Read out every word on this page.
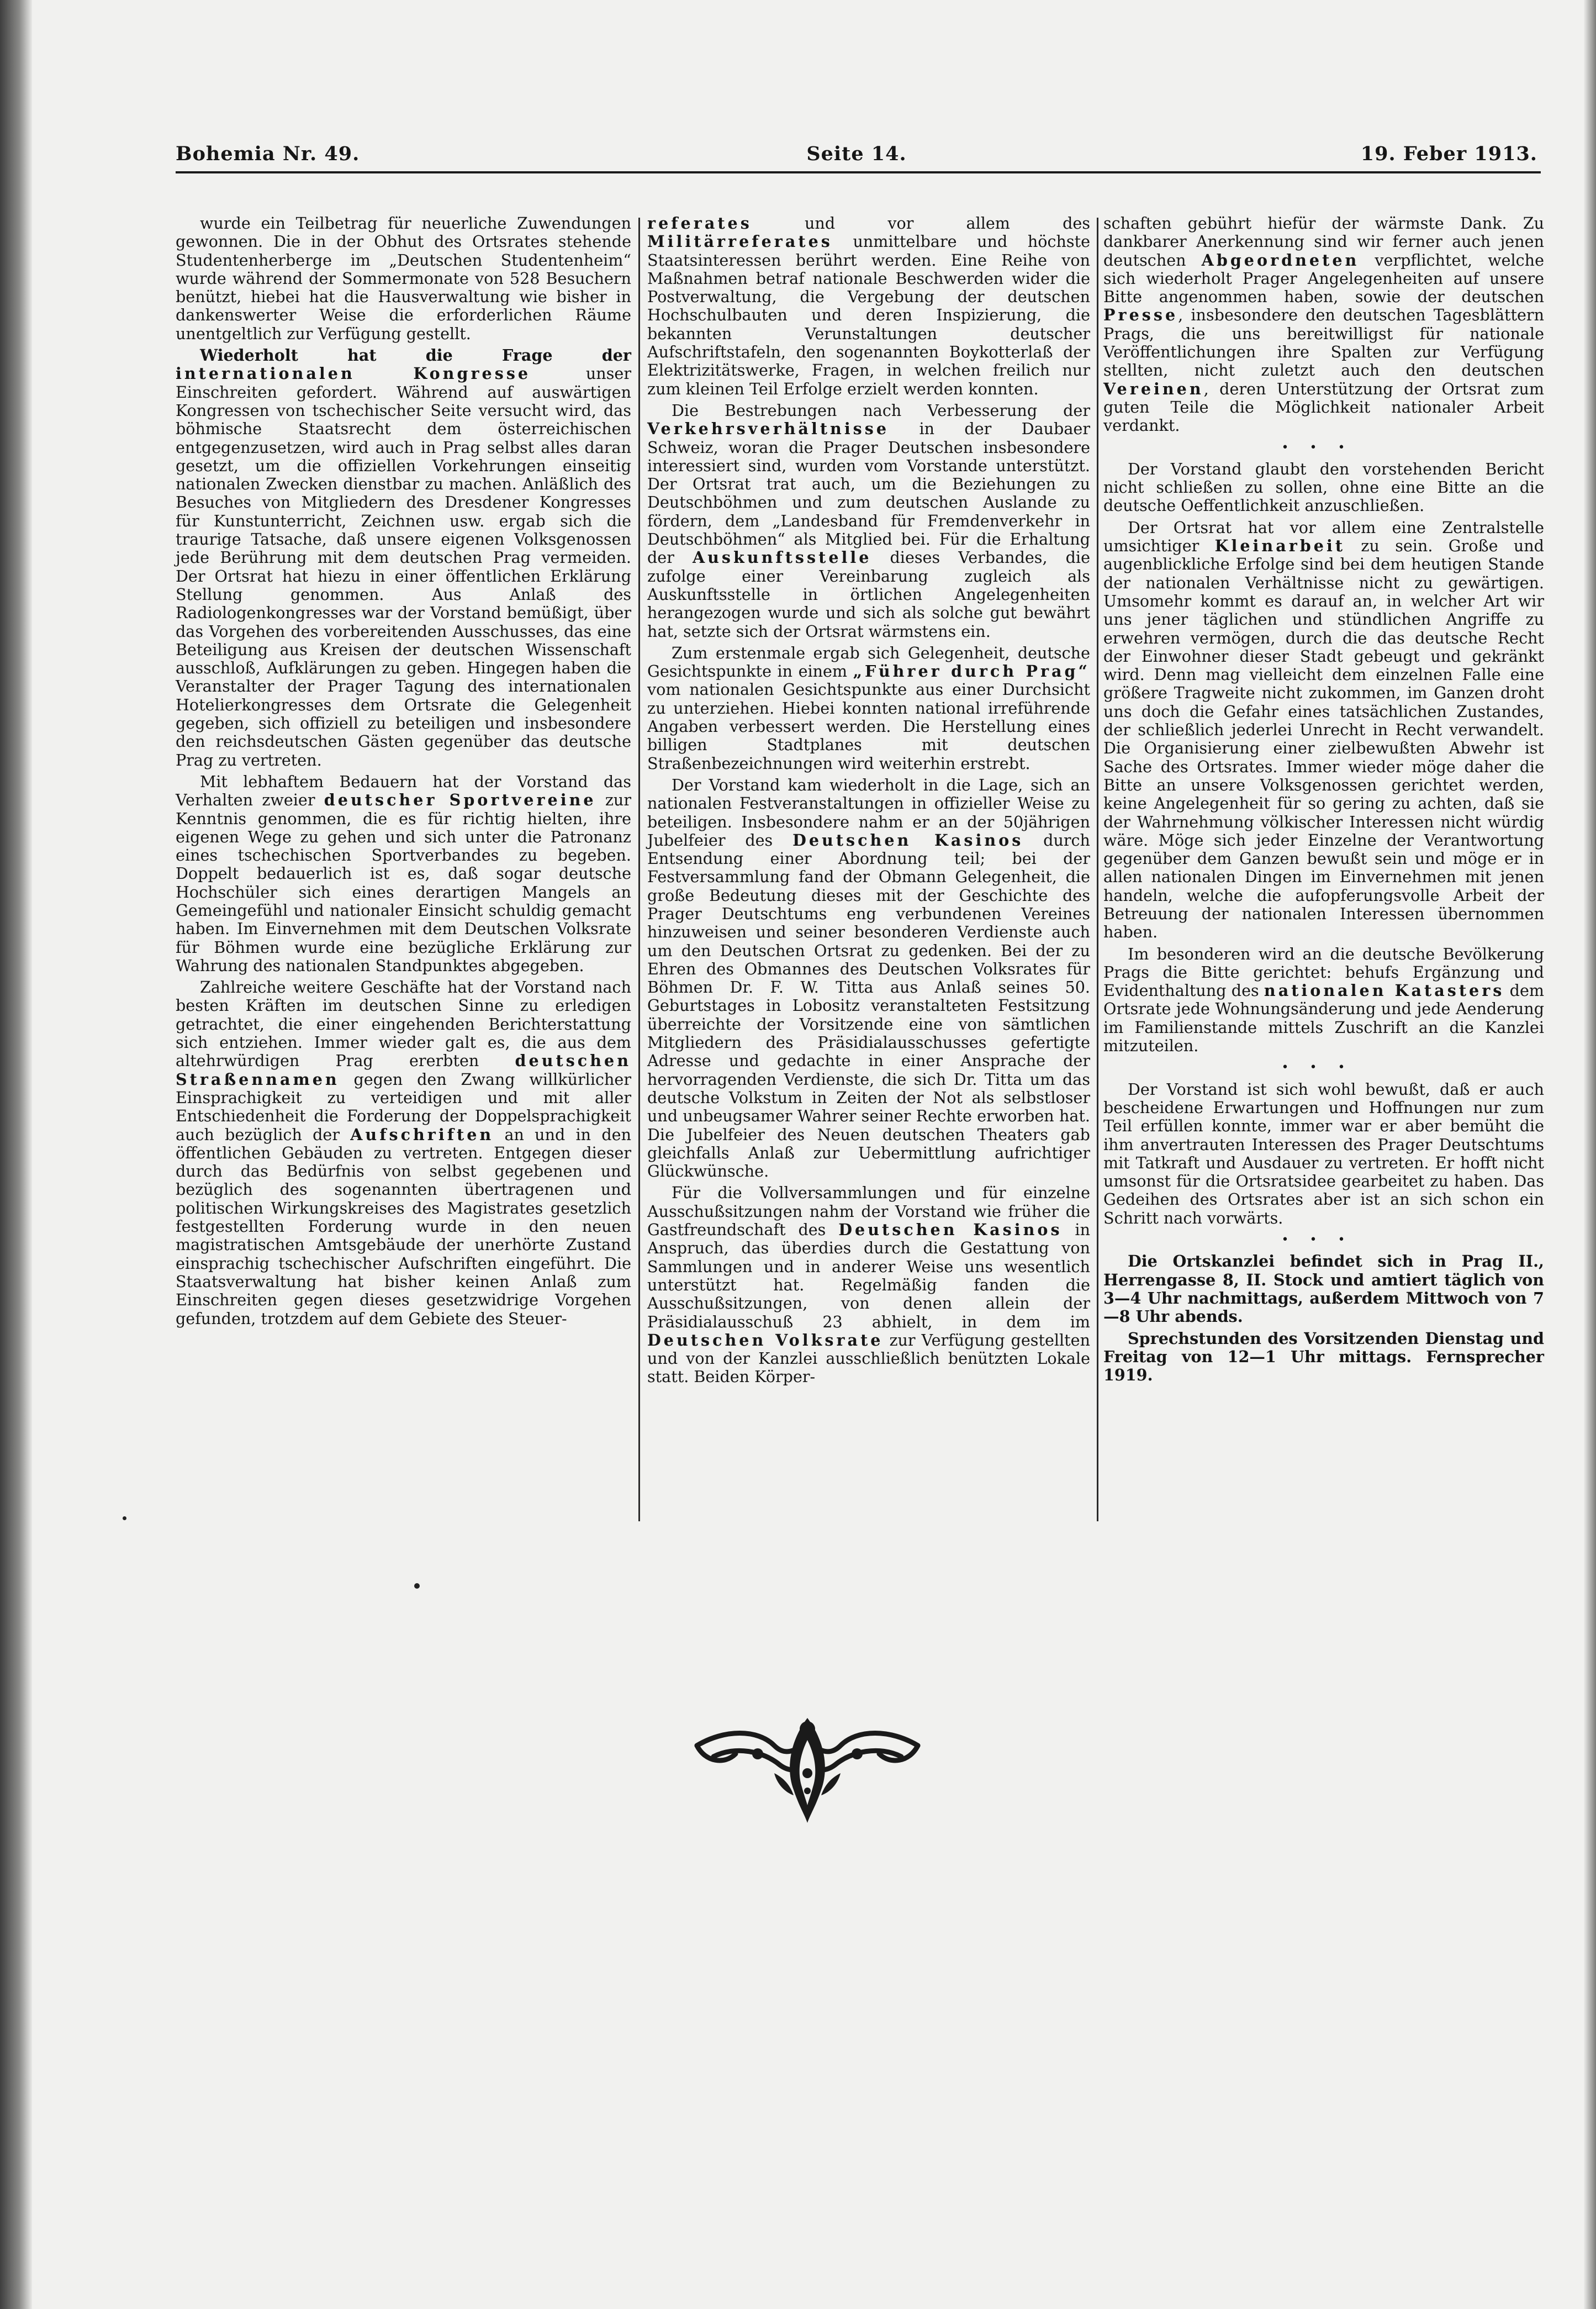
Bohemia Nr. 49.	Seite 14.	19. Feber 1913.

wurde ein Teilbetrag für neuerliche Zuwendungen gewonnen. Die in der Obhut des Ortsrates stehende Studentenherberge im „Deutschen Studentenheim“ wurde während der Sommermonate von 528 Besuchern benützt, hiebei hat die Hausverwaltung wie bisher in dankenswerter Weise die erforderlichen Räume unentgeltlich zur Verfügung gestellt.

Wiederholt hat die Frage der internationalen Kongresse unser Einschreiten gefordert. Während auf auswärtigen Kongressen von tschechischer Seite versucht wird, das böhmische Staatsrecht dem österreichischen entgegenzusetzen, wird auch in Prag selbst alles daran gesetzt, um die offiziellen Vorkehrungen einseitig nationalen Zwecken dienstbar zu machen. Anläßlich des Besuches von Mitgliedern des Dresdener Kongresses für Kunstunterricht, Zeichnen usw. ergab sich die traurige Tatsache, daß unsere eigenen Volksgenossen jede Berührung mit dem deutschen Prag vermeiden. Der Ortsrat hat hiezu in einer öffentlichen Erklärung Stellung genommen. Aus Anlaß des Radiologenkongresses war der Vorstand bemüßigt, über das Vorgehen des vorbereitenden Ausschusses, das eine Beteiligung aus Kreisen der deutschen Wissenschaft ausschloß, Aufklärungen zu geben. Hingegen haben die Veranstalter der Prager Tagung des internationalen Hotelierkongresses dem Ortsrate die Gelegenheit gegeben, sich offiziell zu beteiligen und insbesondere den reichsdeutschen Gästen gegenüber das deutsche Prag zu vertreten.

Mit lebhaftem Bedauern hat der Vorstand das Verhalten zweier deutscher Sportvereine zur Kenntnis genommen, die es für richtig hielten, ihre eigenen Wege zu gehen und sich unter die Patronanz eines tschechischen Sportverbandes zu begeben. Doppelt bedauerlich ist es, daß sogar deutsche Hochschüler sich eines derartigen Mangels an Gemeingefühl und nationaler Einsicht schuldig gemacht haben. Im Einvernehmen mit dem Deutschen Volksrate für Böhmen wurde eine bezügliche Erklärung zur Wahrung des nationalen Standpunktes abgegeben.

Zahlreiche weitere Geschäfte hat der Vorstand nach besten Kräften im deutschen Sinne zu erledigen getrachtet, die einer eingehenden Berichterstattung sich entziehen. Immer wieder galt es, die aus dem altehrwürdigen Prag ererbten deutschen Straßennamen gegen den Zwang willkürlicher Einsprachigkeit zu verteidigen und mit aller Entschiedenheit die Forderung der Doppelsprachigkeit auch bezüglich der Aufschriften an und in den öffentlichen Gebäuden zu vertreten. Entgegen dieser durch das Bedürfnis von selbst gegebenen und bezüglich des sogenannten übertragenen und politischen Wirkungskreises des Magistrates gesetzlich festgestellten Forderung wurde in den neuen magistratischen Amtsgebäude der unerhörte Zustand einsprachig tschechischer Aufschriften eingeführt. Die Staatsverwaltung hat bisher keinen Anlaß zum Einschreiten gegen dieses gesetzwidrige Vorgehen gefunden, trotzdem auf dem Gebiete des Steuer-

referates und vor allem des Militärreferates unmittelbare und höchste Staatsinteressen berührt werden. Eine Reihe von Maßnahmen betraf nationale Beschwerden wider die Postverwaltung, die Vergebung der deutschen Hochschulbauten und deren Inspizierung, die bekannten Verunstaltungen deutscher Aufschriftstafeln, den sogenannten Boykotterlaß der Elektrizitätswerke, Fragen, in welchen freilich nur zum kleinen Teil Erfolge erzielt werden konnten.

Die Bestrebungen nach Verbesserung der Verkehrsverhältnisse in der Daubaer Schweiz, woran die Prager Deutschen insbesondere interessiert sind, wurden vom Vorstande unterstützt. Der Ortsrat trat auch, um die Beziehungen zu Deutschböhmen und zum deutschen Auslande zu fördern, dem „Landesband für Fremdenverkehr in Deutschböhmen“ als Mitglied bei. Für die Erhaltung der Auskunftsstelle dieses Verbandes, die zufolge einer Vereinbarung zugleich als Auskunftsstelle in örtlichen Angelegenheiten herangezogen wurde und sich als solche gut bewährt hat, setzte sich der Ortsrat wärmstens ein.

Zum erstenmale ergab sich Gelegenheit, deutsche Gesichtspunkte in einem „Führer durch Prag“ vom nationalen Gesichtspunkte aus einer Durchsicht zu unterziehen. Hiebei konnten national irreführende Angaben verbessert werden. Die Herstellung eines billigen Stadtplanes mit deutschen Straßenbezeichnungen wird weiterhin erstrebt.

Der Vorstand kam wiederholt in die Lage, sich an nationalen Festveranstaltungen in offizieller Weise zu beteiligen. Insbesondere nahm er an der 50jährigen Jubelfeier des Deutschen Kasinos durch Entsendung einer Abordnung teil; bei der Festversammlung fand der Obmann Gelegenheit, die große Bedeutung dieses mit der Geschichte des Prager Deutschtums eng verbundenen Vereines hinzuweisen und seiner besonderen Verdienste auch um den Deutschen Ortsrat zu gedenken. Bei der zu Ehren des Obmannes des Deutschen Volksrates für Böhmen Dr. F. W. Titta aus Anlaß seines 50. Geburtstages in Lobositz veranstalteten Festsitzung überreichte der Vorsitzende eine von sämtlichen Mitgliedern des Präsidialausschusses gefertigte Adresse und gedachte in einer Ansprache der hervorragenden Verdienste, die sich Dr. Titta um das deutsche Volkstum in Zeiten der Not als selbstloser und unbeugsamer Wahrer seiner Rechte erworben hat. Die Jubelfeier des Neuen deutschen Theaters gab gleichfalls Anlaß zur Uebermittlung aufrichtiger Glückwünsche.

Für die Vollversammlungen und für einzelne Ausschußsitzungen nahm der Vorstand wie früher die Gastfreundschaft des Deutschen Kasinos in Anspruch, das überdies durch die Gestattung von Sammlungen und in anderer Weise uns wesentlich unterstützt hat. Regelmäßig fanden die Ausschußsitzungen, von denen allein der Präsidialausschuß 23 abhielt, in dem im Deutschen Volksrate zur Verfügung gestellten und von der Kanzlei ausschließlich benützten Lokale statt. Beiden Körper-

schaften gebührt hiefür der wärmste Dank. Zu dankbarer Anerkennung sind wir ferner auch jenen deutschen Abgeordneten verpflichtet, welche sich wiederholt Prager Angelegenheiten auf unsere Bitte angenommen haben, sowie der deutschen Presse, insbesondere den deutschen Tagesblättern Prags, die uns bereitwilligst für nationale Veröffentlichungen ihre Spalten zur Verfügung stellten, nicht zuletzt auch den deutschen Vereinen, deren Unterstützung der Ortsrat zum guten Teile die Möglichkeit nationaler Arbeit verdankt.

•••

Der Vorstand glaubt den vorstehenden Bericht nicht schließen zu sollen, ohne eine Bitte an die deutsche Oeffentlichkeit anzuschließen.

Der Ortsrat hat vor allem eine Zentralstelle umsichtiger Kleinarbeit zu sein. Große und augenblickliche Erfolge sind bei dem heutigen Stande der nationalen Verhältnisse nicht zu gewärtigen. Umsomehr kommt es darauf an, in welcher Art wir uns jener täglichen und stündlichen Angriffe zu erwehren vermögen, durch die das deutsche Recht der Einwohner dieser Stadt gebeugt und gekränkt wird. Denn mag vielleicht dem einzelnen Falle eine größere Tragweite nicht zukommen, im Ganzen droht uns doch die Gefahr eines tatsächlichen Zustandes, der schließlich jederlei Unrecht in Recht verwandelt. Die Organisierung einer zielbewußten Abwehr ist Sache des Ortsrates. Immer wieder möge daher die Bitte an unsere Volksgenossen gerichtet werden, keine Angelegenheit für so gering zu achten, daß sie der Wahrnehmung völkischer Interessen nicht würdig wäre. Möge sich jeder Einzelne der Verantwortung gegenüber dem Ganzen bewußt sein und möge er in allen nationalen Dingen im Einvernehmen mit jenen handeln, welche die aufopferungsvolle Arbeit der Betreuung der nationalen Interessen übernommen haben.

Im besonderen wird an die deutsche Bevölkerung Prags die Bitte gerichtet: behufs Ergänzung und Evidenthaltung des nationalen Katasters dem Ortsrate jede Wohnungsänderung und jede Aenderung im Familienstande mittels Zuschrift an die Kanzlei mitzuteilen.

•••

Der Vorstand ist sich wohl bewußt, daß er auch bescheidene Erwartungen und Hoffnungen nur zum Teil erfüllen konnte, immer war er aber bemüht die ihm anvertrauten Interessen des Prager Deutschtums mit Tatkraft und Ausdauer zu vertreten. Er hofft nicht umsonst für die Ortsratsidee gearbeitet zu haben. Das Gedeihen des Ortsrates aber ist an sich schon ein Schritt nach vorwärts.

•••

Die Ortskanzlei befindet sich in Prag II., Herrengasse 8, II. Stock und amtiert täglich von 3—4 Uhr nachmittags, außerdem Mittwoch von 7—8 Uhr abends.

Sprechstunden des Vorsitzenden Dienstag und Freitag von 12—1 Uhr mittags. Fernsprecher 1919.
